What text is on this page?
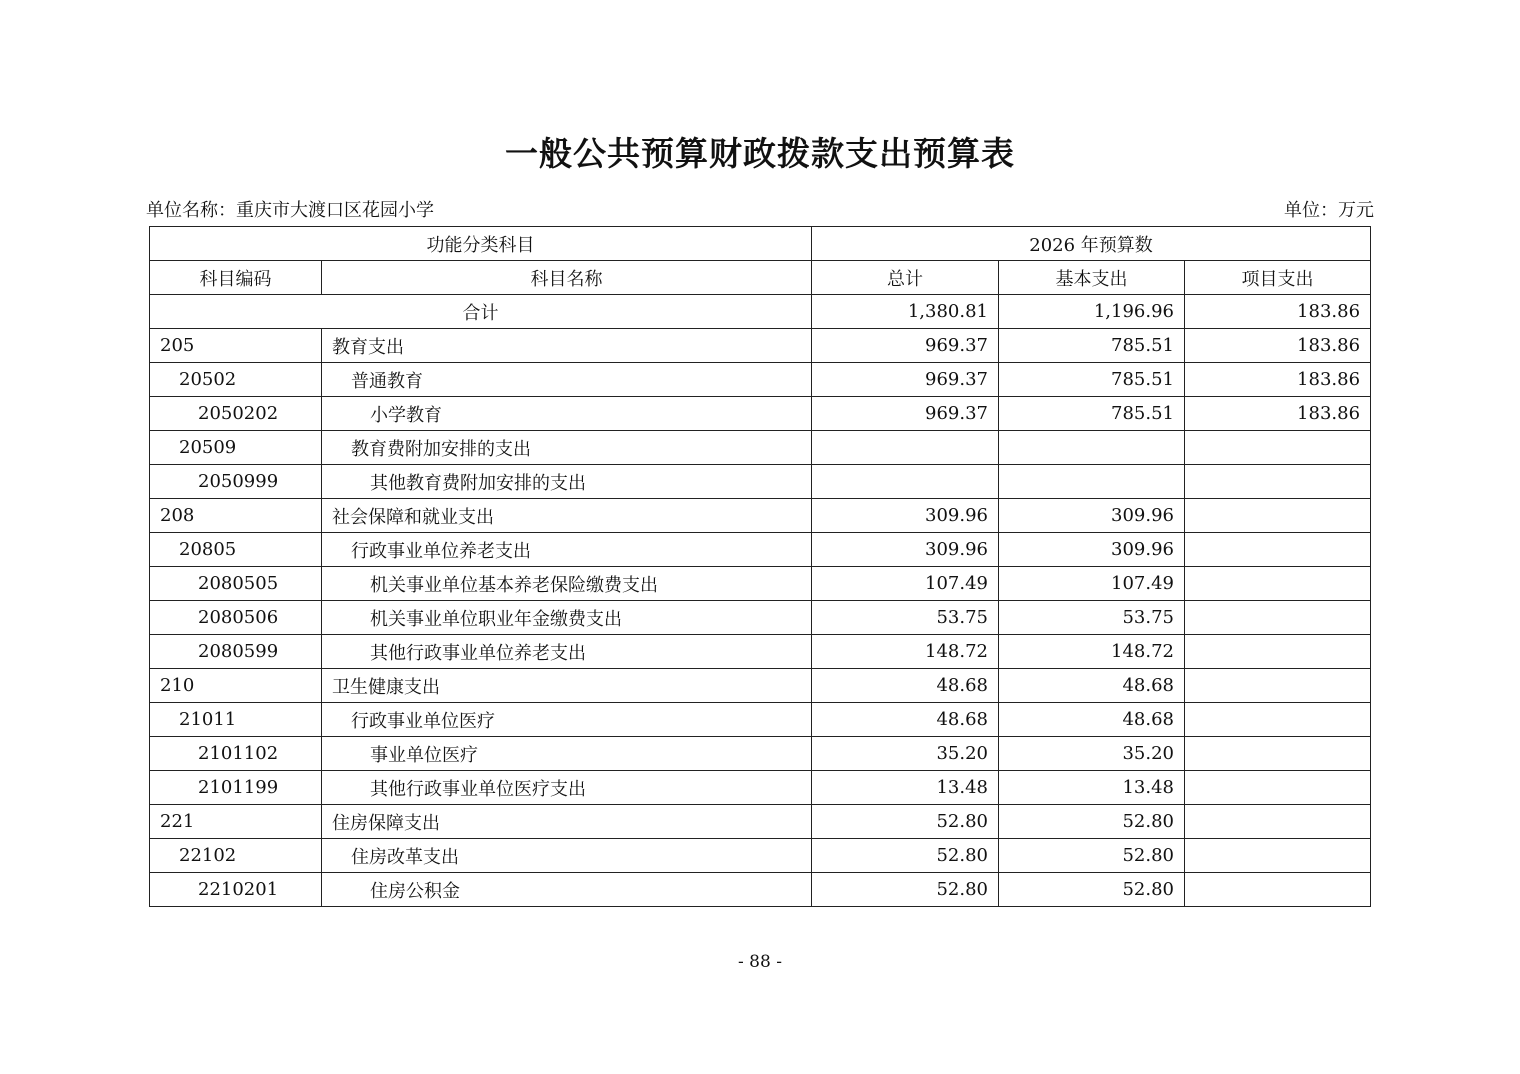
一般公共预算财政拨款支出预算表
单位名称：重庆市大渡口区花园小学	单位：万元
功能分类科目		2026 年预算数		
科目编码	科目名称	总计	基本支出	项目支出
合计		1,380.81	1,196.96	183.86
205	教育支出	969.37	785.51	183.86
20502	普通教育	969.37	785.51	183.86
2050202	小学教育	969.37	785.51	183.86
20509	教育费附加安排的支出			
2050999	其他教育费附加安排的支出			
208	社会保障和就业支出	309.96	309.96	
20805	行政事业单位养老支出	309.96	309.96	
2080505	机关事业单位基本养老保险缴费支出	107.49	107.49	
2080506	机关事业单位职业年金缴费支出	53.75	53.75	
2080599	其他行政事业单位养老支出	148.72	148.72	
210	卫生健康支出	48.68	48.68	
21011	行政事业单位医疗	48.68	48.68	
2101102	事业单位医疗	35.20	35.20	
2101199	其他行政事业单位医疗支出	13.48	13.48	
221	住房保障支出	52.80	52.80	
22102	住房改革支出	52.80	52.80	
2210201	住房公积金	52.80	52.80	
- 88 -
